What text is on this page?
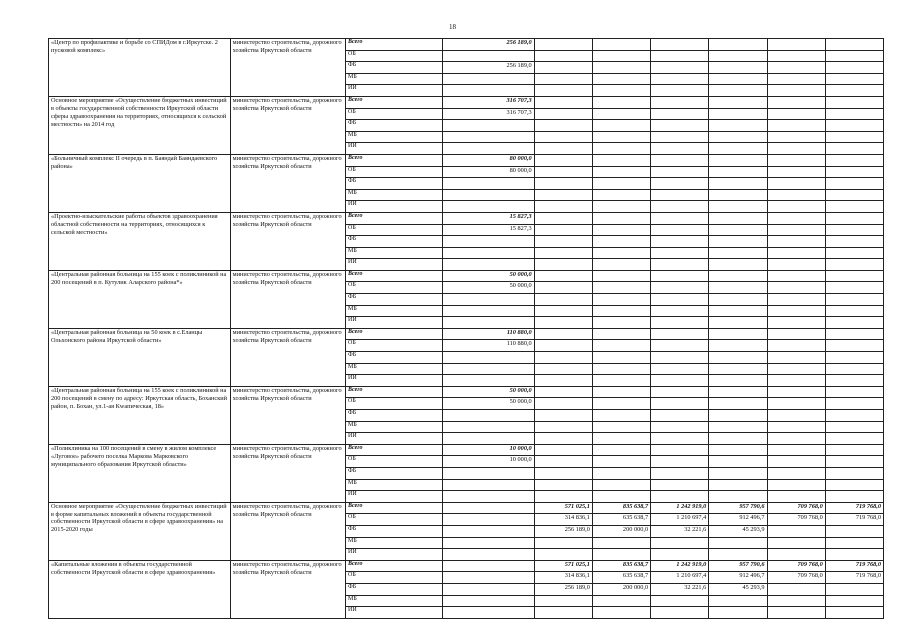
18
«Центр по профилактике и борьбе со СПИДом в г.Иркутске. 2 пусковой комплекс»	министерство строительства, дорожного хозяйства Иркутской области	Всего	256 189,0						
		ОБ							
		ФБ	256 189,0						
		МБ							
		ИИ							
Основное мероприятие «Осуществление бюджетных инвестиций в объекты государственной собственности Иркутской области сферы здравоохранения на территориях, относящихся к сельской местности» на 2014 год	министерство строительства, дорожного хозяйства Иркутской области	Всего	316 707,3						
		ОБ	316 707,3						
		ФБ							
		МБ							
		ИИ							
«Больничный комплекс II очередь в п. Баяндай Баяндаевского района»	министерство строительства, дорожного хозяйства Иркутской области	Всего	80 000,0						
		ОБ	80 000,0						
		ФБ							
		МБ							
		ИИ							
«Проектно-изыскательские работы объектов здравоохранения областной собственности на территориях, относящихся к сельской местности»	министерство строительства, дорожного хозяйства Иркутской области	Всего	15 827,3						
		ОБ	15 827,3						
		ФБ							
		МБ							
		ИИ							
«Центральная районная больница на 155 коек с поликлиникой на 200 посещений в п. Кутулик Аларского района*»	министерство строительства, дорожного хозяйства Иркутской области	Всего	50 000,0						
		ОБ	50 000,0						
		ФБ							
		МБ							
		ИИ							
«Центральная районная больница на 50 коек в с.Еланцы Ольхонского района Иркутской области»	министерство строительства, дорожного хозяйства Иркутской области	Всего	110 880,0						
		ОБ	110 880,0						
		ФБ							
		МБ							
		ИИ							
«Центральная районная больница на 155 коек с поликлиникой на 200 посещений в смену по адресу: Иркутская область, Боханский район, п. Бохан, ул.1-ая Кwaпическая, 18»	министерство строительства, дорожного хозяйства Иркутской области	Всего	50 000,0						
		ОБ	50 000,0						
		ФБ							
		МБ							
		ИИ							
«Поликлиника на 100 посещений в смену в жилом комплексе «Луговое» рабочего поселка Маркова Марковского муниципального образования Иркутской области»	министерство строительства, дорожного хозяйства Иркутской области	Всего	10 000,0						
		ОБ	10 000,0						
		ФБ							
		МБ							
		ИИ							
Основное мероприятие «Осуществление бюджетных инвестиций в форме капитальных вложений в объекты государственной собственности Иркутской области в сфере здравоохранения» на 2015-2020 годы	министерство строительства, дорожного хозяйства Иркутской области	Всего		571 025,1	835 638,7	1 242 919,0	957 790,6	709 768,0	719 768,0
		ОБ		314 836,1	635 638,7	1 210 697,4	912 496,7	709 768,0	719 768,0
		ФБ		256 189,0	200 000,0	32 221,6	45 293,9		
		МБ							
		ИИ							
«Капитальные вложения в объекты государственной собственности Иркутской области в сфере здравоохранения»	министерство строительства, дорожного хозяйства Иркутской области	Всего		571 025,1	835 638,7	1 242 919,0	957 790,6	709 768,0	719 768,0
		ОБ		314 836,1	635 638,7	1 210 697,4	912 496,7	709 768,0	719 768,0
		ФБ		256 189,0	200 000,0	32 221,6	45 293,9		
		МБ							
		ИИ							
